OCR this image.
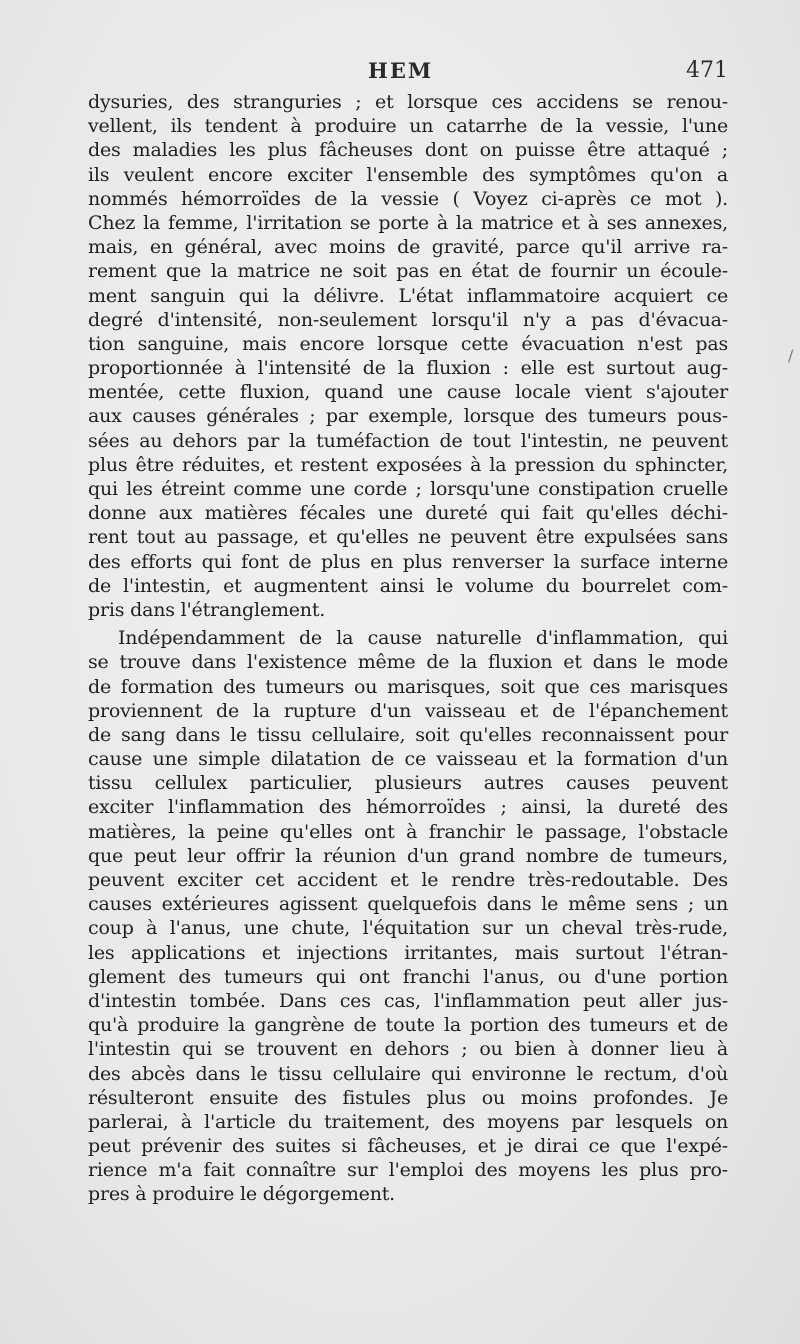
HEM	471
dysuries, des stranguries ; et lorsque ces accidens se renou-
vellent, ils tendent à produire un catarrhe de la vessie, l'une
des maladies les plus fâcheuses dont on puisse être attaqué ;
ils veulent encore exciter l'ensemble des symptômes qu'on a
nommés hémorroïdes de la vessie ( Voyez ci-après ce mot ).
Chez la femme, l'irritation se porte à la matrice et à ses annexes,
mais, en général, avec moins de gravité, parce qu'il arrive ra-
rement que la matrice ne soit pas en état de fournir un écoule-
ment sanguin qui la délivre. L'état inflammatoire acquiert ce
degré d'intensité, non-seulement lorsqu'il n'y a pas d'évacua-
tion sanguine, mais encore lorsque cette évacuation n'est pas
proportionnée à l'intensité de la fluxion : elle est surtout aug-
mentée, cette fluxion, quand une cause locale vient s'ajouter
aux causes générales ; par exemple, lorsque des tumeurs pous-
sées au dehors par la tuméfaction de tout l'intestin, ne peuvent
plus être réduites, et restent exposées à la pression du sphincter,
qui les étreint comme une corde ; lorsqu'une constipation cruelle
donne aux matières fécales une dureté qui fait qu'elles déchi-
rent tout au passage, et qu'elles ne peuvent être expulsées sans
des efforts qui font de plus en plus renverser la surface interne
de l'intestin, et augmentent ainsi le volume du bourrelet com-
pris dans l'étranglement.
Indépendamment de la cause naturelle d'inflammation, qui
se trouve dans l'existence même de la fluxion et dans le mode
de formation des tumeurs ou marisques, soit que ces marisques
proviennent de la rupture d'un vaisseau et de l'épanchement
de sang dans le tissu cellulaire, soit qu'elles reconnaissent pour
cause une simple dilatation de ce vaisseau et la formation d'un
tissu cellulex particulier, plusieurs autres causes peuvent
exciter l'inflammation des hémorroïdes ; ainsi, la dureté des
matières, la peine qu'elles ont à franchir le passage, l'obstacle
que peut leur offrir la réunion d'un grand nombre de tumeurs,
peuvent exciter cet accident et le rendre très-redoutable. Des
causes extérieures agissent quelquefois dans le même sens ; un
coup à l'anus, une chute, l'équitation sur un cheval très-rude,
les applications et injections irritantes, mais surtout l'étran-
glement des tumeurs qui ont franchi l'anus, ou d'une portion
d'intestin tombée. Dans ces cas, l'inflammation peut aller jus-
qu'à produire la gangrène de toute la portion des tumeurs et de
l'intestin qui se trouvent en dehors ; ou bien à donner lieu à
des abcès dans le tissu cellulaire qui environne le rectum, d'où
résulteront ensuite des fistules plus ou moins profondes. Je
parlerai, à l'article du traitement, des moyens par lesquels on
peut prévenir des suites si fâcheuses, et je dirai ce que l'expé-
rience m'a fait connaître sur l'emploi des moyens les plus pro-
pres à produire le dégorgement.
/
